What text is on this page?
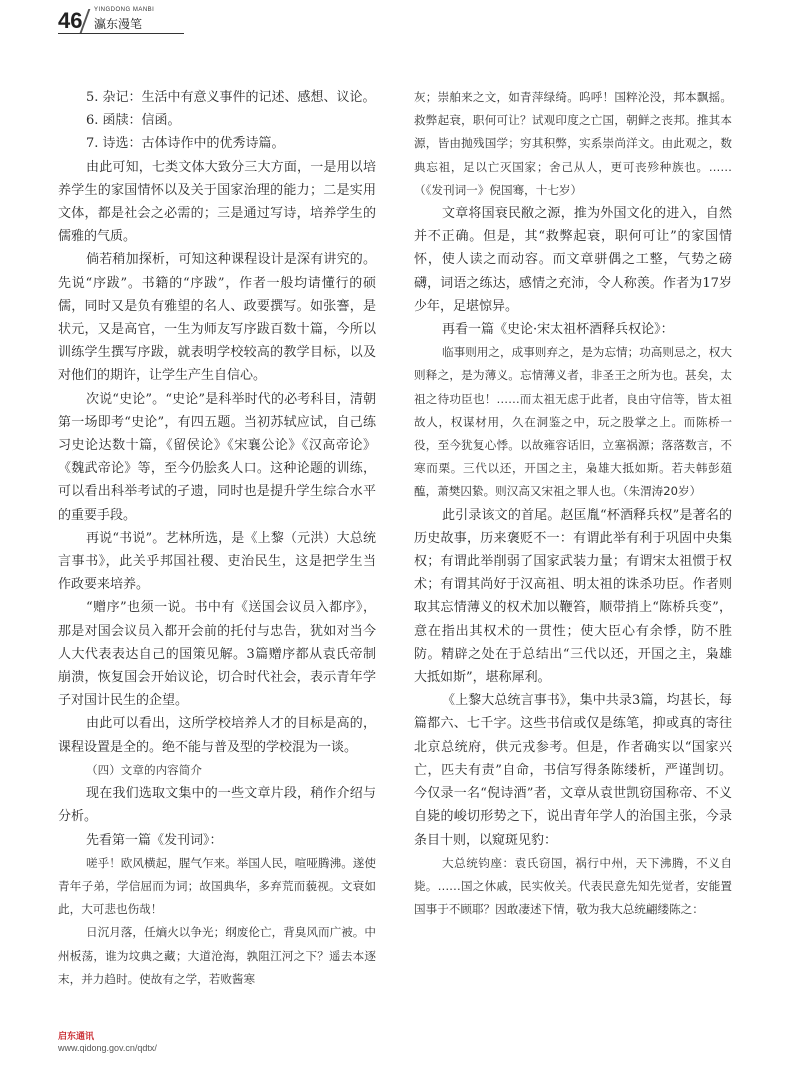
46 YINGDONG MANBI
瀛东漫笔

5. 杂记：生活中有意义事件的记述、感想、议论。

6. 函牍：信函。

7. 诗选：古体诗作中的优秀诗篇。

由此可知，七类文体大致分三大方面，一是用以培养学生的家国情怀以及关于国家治理的能力；二是实用文体，都是社会之必需的；三是通过写诗，培养学生的儒雅的气质。

倘若稍加探析，可知这种课程设计是深有讲究的。先说“序跋”。书籍的“序跋”，作者一般均请懂行的硕儒，同时又是负有雅望的名人、政要撰写。如张謇，是状元，又是高官，一生为师友写序跋百数十篇，今所以训练学生撰写序跋，就表明学校较高的教学目标，以及对他们的期许，让学生产生自信心。

次说“史论”。“史论”是科举时代的必考科目，清朝第一场即考“史论”，有四五题。当初苏轼应试，自己练习史论达数十篇，《留侯论》《宋襄公论》《汉高帝论》《魏武帝论》等，至今仍脍炙人口。这种论题的训练，可以看出科举考试的孑遗，同时也是提升学生综合水平的重要手段。

再说“书说”。艺林所选，是《上黎（元洪）大总统言事书》，此关乎邦国社稷、吏治民生，这是把学生当作政要来培养。

“赠序”也须一说。书中有《送国会议员入都序》，那是对国会议员入都开会前的托付与忠告，犹如对当今人大代表表达自己的国策见解。3篇赠序都从袁氏帝制崩溃，恢复国会开始议论，切合时代社会，表示青年学子对国计民生的企望。

由此可以看出，这所学校培养人才的目标是高的，课程设置是全的。绝不能与普及型的学校混为一谈。

（四）文章的内容简介

现在我们选取文集中的一些文章片段，稍作介绍与分析。

先看第一篇《发刊词》：

嗟乎！欧风横起，腥气乍来。举国人民，喧哑腾沸。遂使青年子弟，学信屈而为词；故国典华，多弃荒而藐视。文衰如此，大可悲也伤哉！

日沉月落，任熵火以争光；纲废伦亡，背臭风而广被。中州板荡，谁为坟典之藏；大道沧海，孰阻江河之下？遥去本逐末，并力趋时。使故有之学，若败酱寒

灰；崇舶来之文，如青萍绿绮。呜呼！国粹沦没，邦本飘摇。救弊起衰，职何可让？试观印度之亡国，朝鲜之丧邦。推其本源，皆由抛残国学；穷其积弊，实系崇尚洋文。由此观之，数典忘祖，足以亡灭国家；舍己从人，更可丧殄种族也。……（《发刊词一》倪国骞，十七岁）

文章将国衰民敝之源，推为外国文化的进入，自然并不正确。但是，其“救弊起衰，职何可让”的家国情怀，使人读之而动容。而文章骈偶之工整，气势之磅礴，词语之练达，感情之充沛，令人称羡。作者为17岁少年，足堪惊异。

再看一篇《史论·宋太祖杯酒释兵权论》：

临事则用之，成事则弃之，是为忘情；功高则忌之，权大则释之，是为薄义。忘情薄义者，非圣王之所为也。甚矣，太祖之待功臣也！……而太祖无虑于此者，良由守信等，皆太祖故人，权谋材用，久在洞鉴之中，玩之股掌之上。而陈桥一役，至今犹复心悸。以故雍容话旧，立塞祸源；落落数言，不寒而栗。三代以还，开国之主，枭雄大抵如斯。若夫韩彭葅醢，萧樊囚絷。则汉高又宋祖之罪人也。（朱渭涛20岁）

此引录该文的首尾。赵匡胤“杯酒释兵权”是著名的历史故事，历来褒贬不一：有谓此举有利于巩固中央集权；有谓此举削弱了国家武装力量；有谓宋太祖惯于权术；有谓其尚好于汉高祖、明太祖的诛杀功臣。作者则取其忘情薄义的权术加以鞭笞，顺带捎上“陈桥兵变”，意在指出其权术的一贯性；使大臣心有余悸，防不胜防。精辟之处在于总结出“三代以还，开国之主，枭雄大抵如斯”，堪称犀利。

《上黎大总统言事书》，集中共录3篇，均甚长，每篇都六、七千字。这些书信或仅是练笔，抑或真的寄往北京总统府，供元戎参考。但是，作者确实以“国家兴亡，匹夫有责”自命，书信写得条陈缕析，严谨剀切。今仅录一名“倪诗酒”者，文章从袁世凯窃国称帝、不义自毙的峻切形势之下，说出青年学人的治国主张，今录条目十则，以窥斑见豹：

大总统钧座：袁氏窃国，祸行中州，天下沸腾，不义自毙。……国之休戚，民实攸关。代表民意先知先觉者，安能置国事于不顾耶？因敢凄述下情，敬为我大总统翩缕陈之：

启东通讯
www.qidong.gov.cn/qdtx/
